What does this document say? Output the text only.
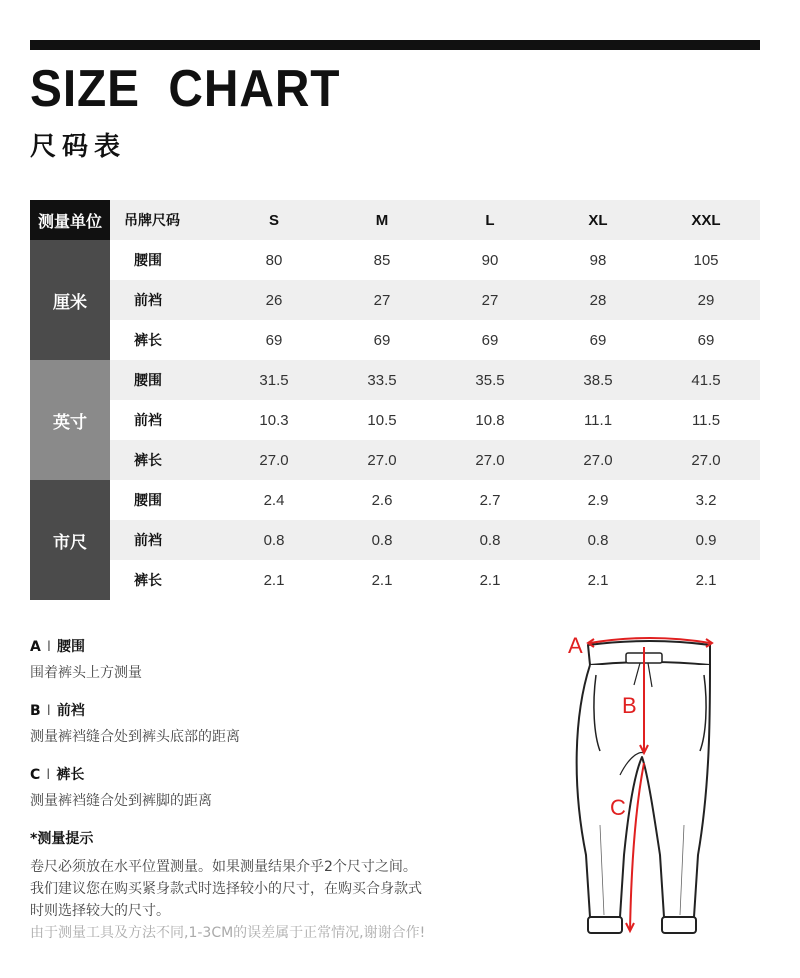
SIZE  CHART
尺码表
测量单位	吊牌尺码	S	M	L	XL	XXL
厘米	腰围	80	85	90	98	105
	前裆	26	27	27	28	29
	裤长	69	69	69	69	69
英寸	腰围	31.5	33.5	35.5	38.5	41.5
	前裆	10.3	10.5	10.8	11.1	11.5
	裤长	27.0	27.0	27.0	27.0	27.0
市尺	腰围	2.4	2.6	2.7	2.9	3.2
	前裆	0.8	0.8	0.8	0.8	0.9
	裤长	2.1	2.1	2.1	2.1	2.1
A I 腰围
围着裤头上方测量
B I 前裆
测量裤裆缝合处到裤头底部的距离
C I 裤长
测量裤裆缝合处到裤脚的距离
*测量提示
卷尺必须放在水平位置测量。如果测量结果介乎2个尺寸之间。
我们建议您在购买紧身款式时选择较小的尺寸，在购买合身款式
时则选择较大的尺寸。
由于测量工具及方法不同,1-3CM的误差属于正常情况,谢谢合作!
A
B
C
